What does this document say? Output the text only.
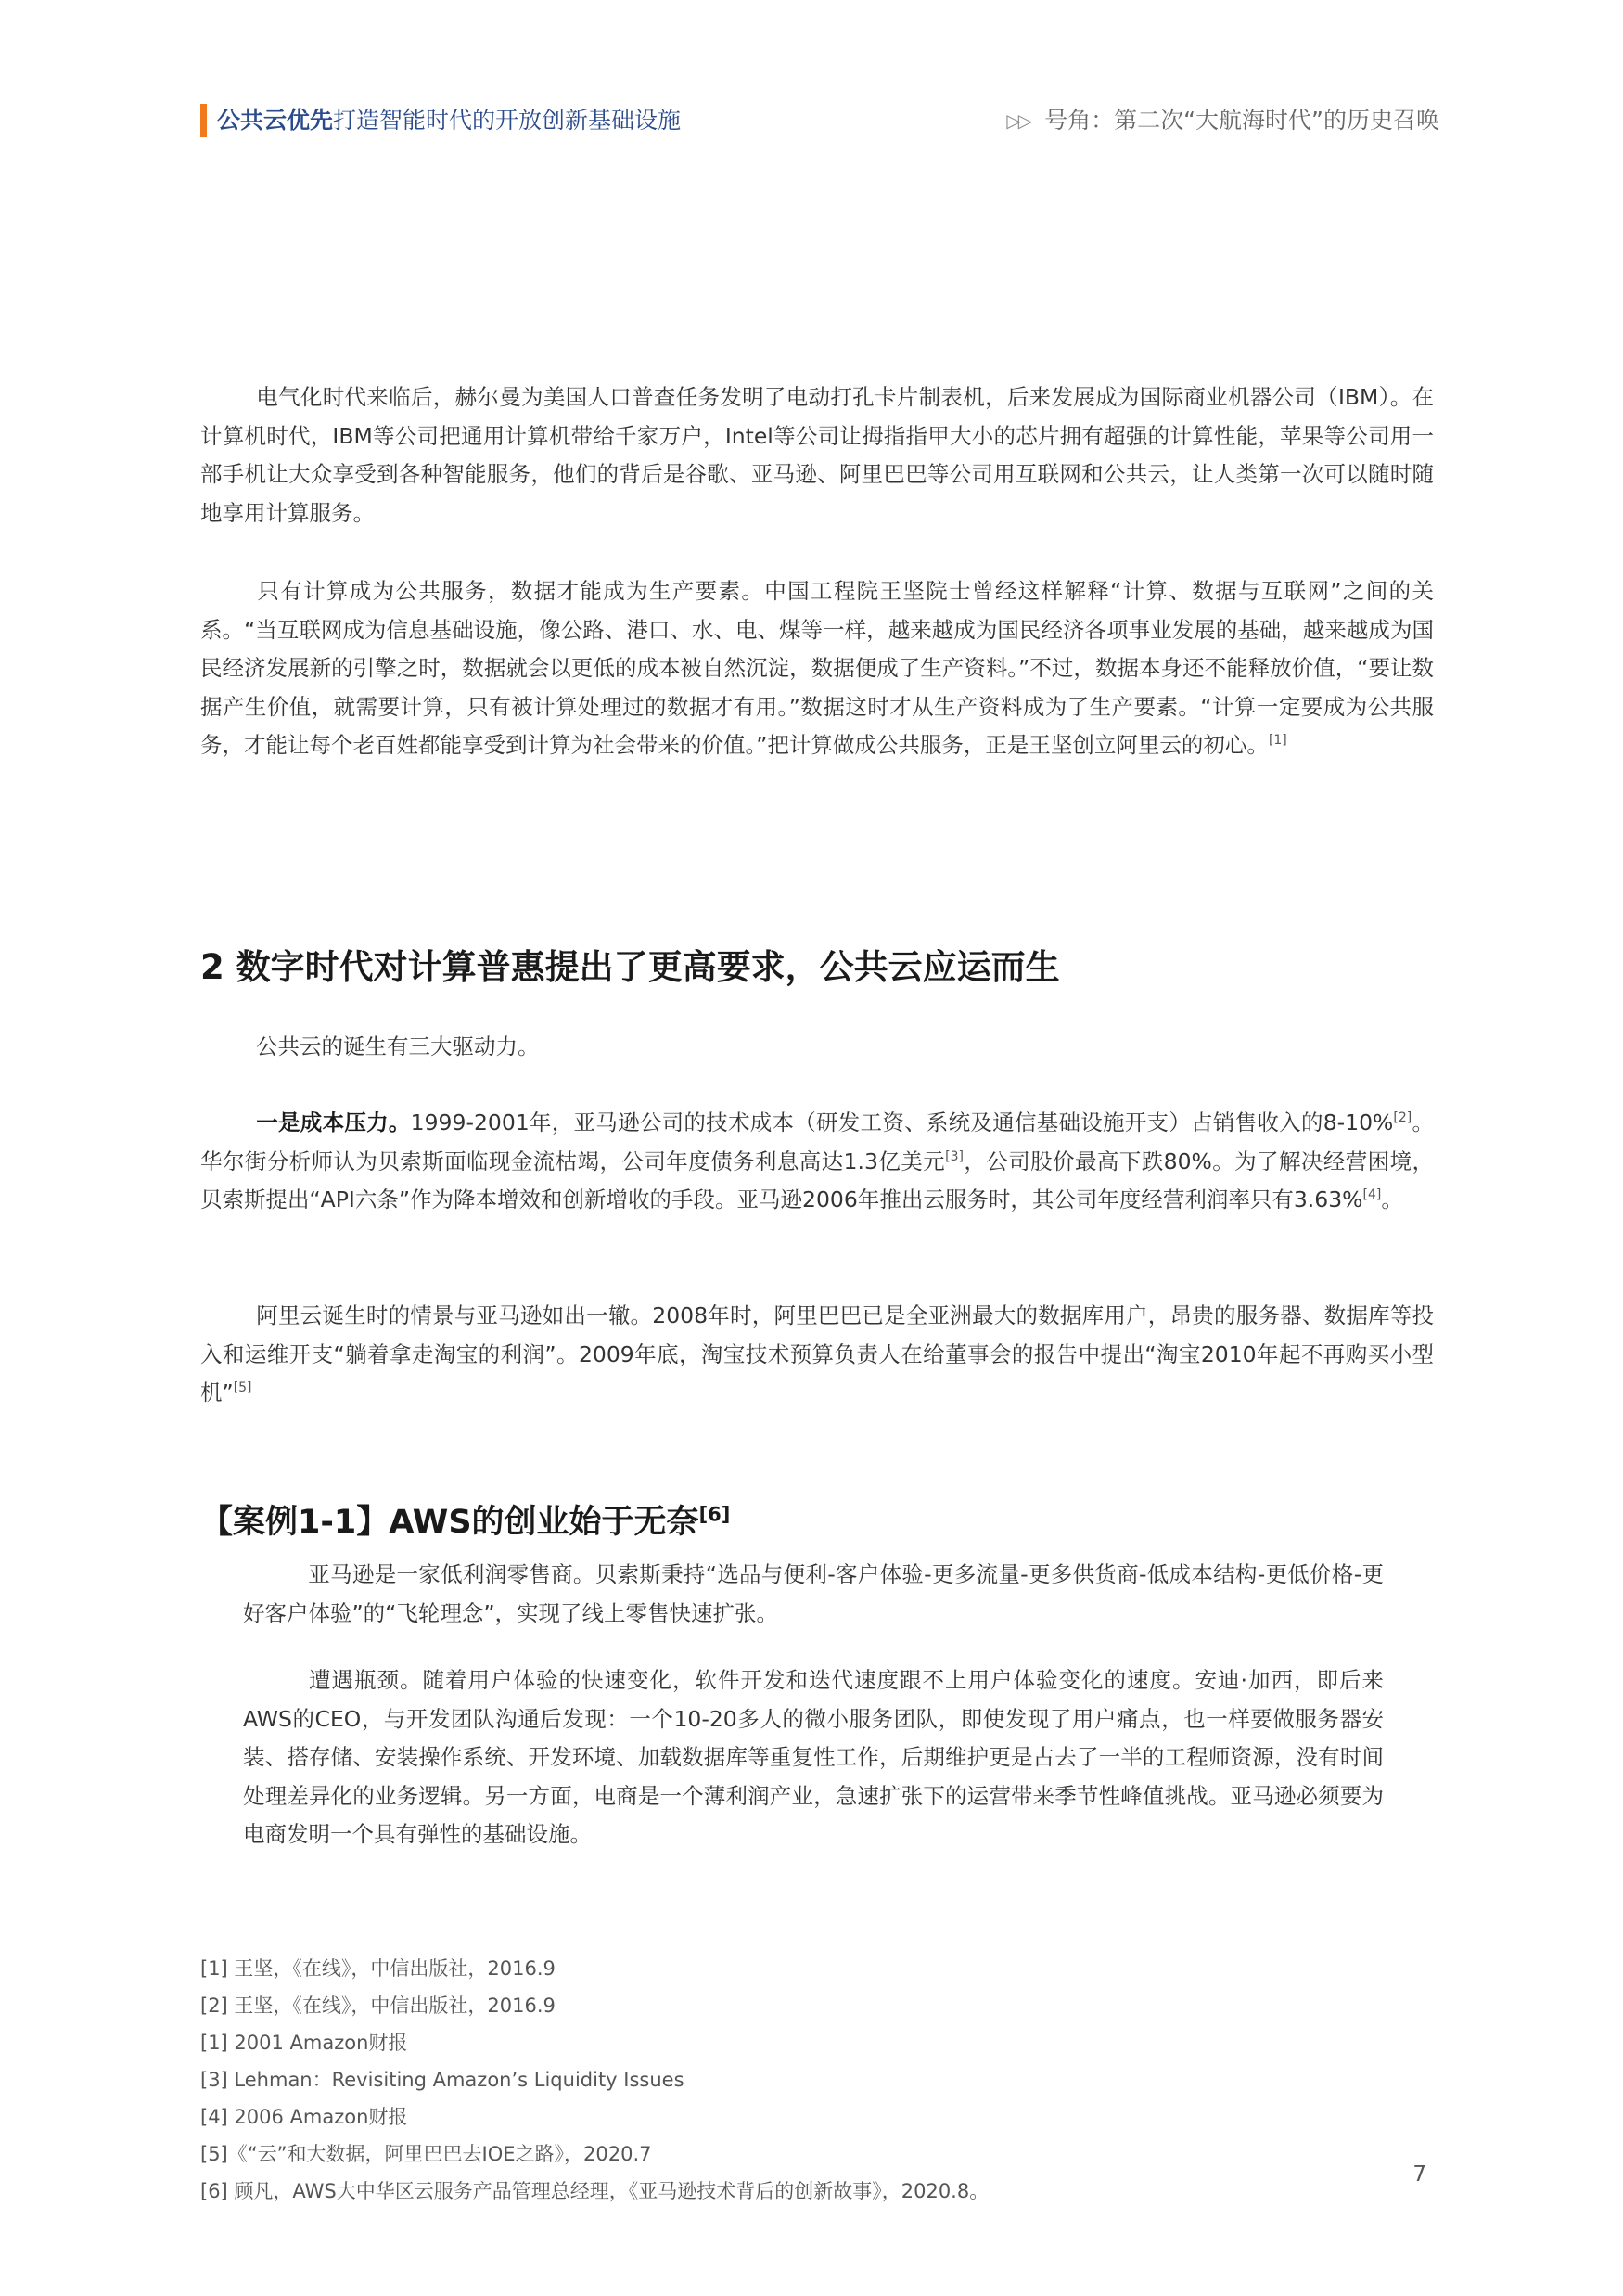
公共云优先打造智能时代的开放创新基础设施	▷▷ 号角：第二次“大航海时代”的历史召唤
电气化时代来临后，赫尔曼为美国人口普查任务发明了电动打孔卡片制表机，后来发展成为国际商业机器公司（IBM）。在计算机时代，IBM等公司把通用计算机带给千家万户，Intel等公司让拇指指甲大小的芯片拥有超强的计算性能，苹果等公司用一部手机让大众享受到各种智能服务，他们的背后是谷歌、亚马逊、阿里巴巴等公司用互联网和公共云，让人类第一次可以随时随地享用计算服务。
只有计算成为公共服务，数据才能成为生产要素。中国工程院王坚院士曾经这样解释“计算、数据与互联网”之间的关系。“当互联网成为信息基础设施，像公路、港口、水、电、煤等一样，越来越成为国民经济各项事业发展的基础，越来越成为国民经济发展新的引擎之时，数据就会以更低的成本被自然沉淀，数据便成了生产资料。”不过，数据本身还不能释放价值，“要让数据产生价值，就需要计算，只有被计算处理过的数据才有用。”数据这时才从生产资料成为了生产要素。“计算一定要成为公共服务，才能让每个老百姓都能享受到计算为社会带来的价值。”把计算做成公共服务，正是王坚创立阿里云的初心。[1]
2 数字时代对计算普惠提出了更高要求，公共云应运而生
公共云的诞生有三大驱动力。
一是成本压力。1999-2001年，亚马逊公司的技术成本（研发工资、系统及通信基础设施开支）占销售收入的8-10%[2]。华尔街分析师认为贝索斯面临现金流枯竭，公司年度债务利息高达1.3亿美元[3]，公司股价最高下跌80%。为了解决经营困境，贝索斯提出“API六条”作为降本增效和创新增收的手段。亚马逊2006年推出云服务时，其公司年度经营利润率只有3.63%[4]。
阿里云诞生时的情景与亚马逊如出一辙。2008年时，阿里巴巴已是全亚洲最大的数据库用户，昂贵的服务器、数据库等投入和运维开支“躺着拿走淘宝的利润”。2009年底，淘宝技术预算负责人在给董事会的报告中提出“淘宝2010年起不再购买小型机”[5]
【案例1-1】AWS的创业始于无奈[6]
亚马逊是一家低利润零售商。贝索斯秉持“选品与便利-客户体验-更多流量-更多供货商-低成本结构-更低价格-更好客户体验”的“飞轮理念”，实现了线上零售快速扩张。
遭遇瓶颈。随着用户体验的快速变化，软件开发和迭代速度跟不上用户体验变化的速度。安迪·加西，即后来AWS的CEO，与开发团队沟通后发现：一个10-20多人的微小服务团队，即使发现了用户痛点，也一样要做服务器安装、搭存储、安装操作系统、开发环境、加载数据库等重复性工作，后期维护更是占去了一半的工程师资源，没有时间处理差异化的业务逻辑。另一方面，电商是一个薄利润产业，急速扩张下的运营带来季节性峰值挑战。亚马逊必须要为电商发明一个具有弹性的基础设施。
[1] 王坚，《在线》，中信出版社，2016.9
[2] 王坚，《在线》，中信出版社，2016.9
[1] 2001 Amazon财报
[3] Lehman：Revisiting Amazon’s Liquidity Issues
[4] 2006 Amazon财报
[5]《“云”和大数据，阿里巴巴去IOE之路》，2020.7
[6] 顾凡，AWS大中华区云服务产品管理总经理，《亚马逊技术背后的创新故事》，2020.8。
7
